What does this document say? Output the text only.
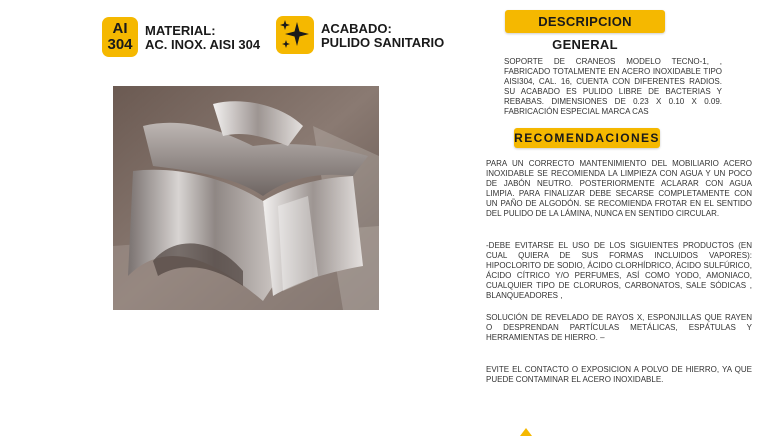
AI
304
MATERIAL:
AC. INOX. AISI 304
ACABADO:
PULIDO SANITARIO
DESCRIPCION GENERAL
SOPORTE DE CRANEOS MODELO TECNO-1, , FABRICADO TOTALMENTE EN ACERO INOXIDABLE TIPO AISI304, CAL. 16, CUENTA CON DIFERENTES RADIOS. SU ACABADO ES PULIDO LIBRE DE BACTERIAS Y REBABAS. DIMENSIONES DE 0.23 X 0.10 X 0.09. FABRICACIÓN ESPECIAL MARCA CAS
RECOMENDACIONES
PARA UN CORRECTO MANTENIMIENTO DEL MOBILIARIO ACERO INOXIDABLE SE RECOMIENDA LA LIMPIEZA CON AGUA Y UN POCO DE JABÓN NEUTRO. POSTERIORMENTE ACLARAR CON AGUA LIMPIA. PARA FINALIZAR DEBE SECARSE COMPLETAMENTE CON UN PAÑO DE ALGODÓN. SE RECOMIENDA FROTAR EN EL SENTIDO DEL PULIDO DE LA LÁMINA, NUNCA EN SENTIDO CIRCULAR.
-DEBE EVITARSE EL USO DE LOS SIGUIENTES PRODUCTOS (EN CUAL QUIERA DE SUS FORMAS INCLUIDOS VAPORES): HIPOCLORITO DE SODIO, ÁCIDO CLORHÍDRICO, ÁCIDO SULFÚRICO, ÁCIDO CÍTRICO Y/O PERFUMES, ASÍ COMO YODO, AMONIACO, CUALQUIER TIPO DE CLORUROS, CARBONATOS, SALE SÓDICAS , BLANQUEADORES ,
SOLUCIÓN DE REVELADO DE RAYOS X, ESPONJILLAS QUE RAYEN O DESPRENDAN PARTÍCULAS METÁLICAS, ESPÁTULAS Y HERRAMIENTAS DE HIERRO. –
EVITE EL CONTACTO O EXPOSICION A POLVO DE HIERRO, YA QUE PUEDE CONTAMINAR EL ACERO INOXIDABLE.
